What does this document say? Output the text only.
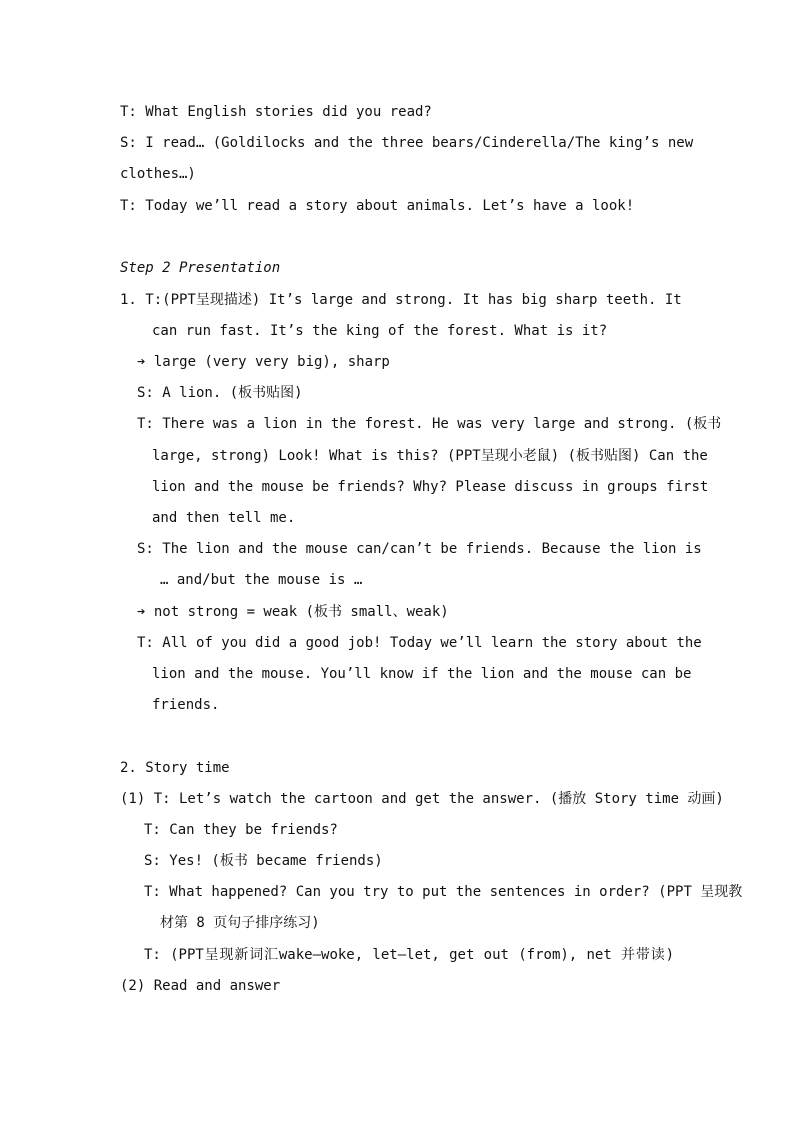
T: What English stories did you read?

S: I read… (Goldilocks and the three bears/Cinderella/The king’s new

clothes…)

T: Today we’ll read a story about animals. Let’s have a look!

Step 2 Presentation

1. T:(PPT呈现描述) It’s large and strong. It has big sharp teeth. It

can run fast. It’s the king of the forest. What is it?

➔ large (very very big), sharp

S: A lion. (板书贴图)

T: There was a lion in the forest. He was very large and strong. (板书

large, strong) Look! What is this? (PPT呈现小老鼠) (板书贴图) Can the

lion and the mouse be friends? Why? Please discuss in groups first

and then tell me.

S: The lion and the mouse can/can’t be friends. Because the lion is

… and/but the mouse is …

➔ not strong = weak (板书 small、weak)

T: All of you did a good job! Today we’ll learn the story about the

lion and the mouse. You’ll know if the lion and the mouse can be

friends.

2. Story time

(1) T: Let’s watch the cartoon and get the answer. (播放 Story time 动画)

T: Can they be friends?

S: Yes! (板书 became friends)

T: What happened? Can you try to put the sentences in order? (PPT 呈现教

材第 8 页句子排序练习)

T: (PPT呈现新词汇wake—woke, let—let, get out (from), net 并带读)

(2) Read and answer
